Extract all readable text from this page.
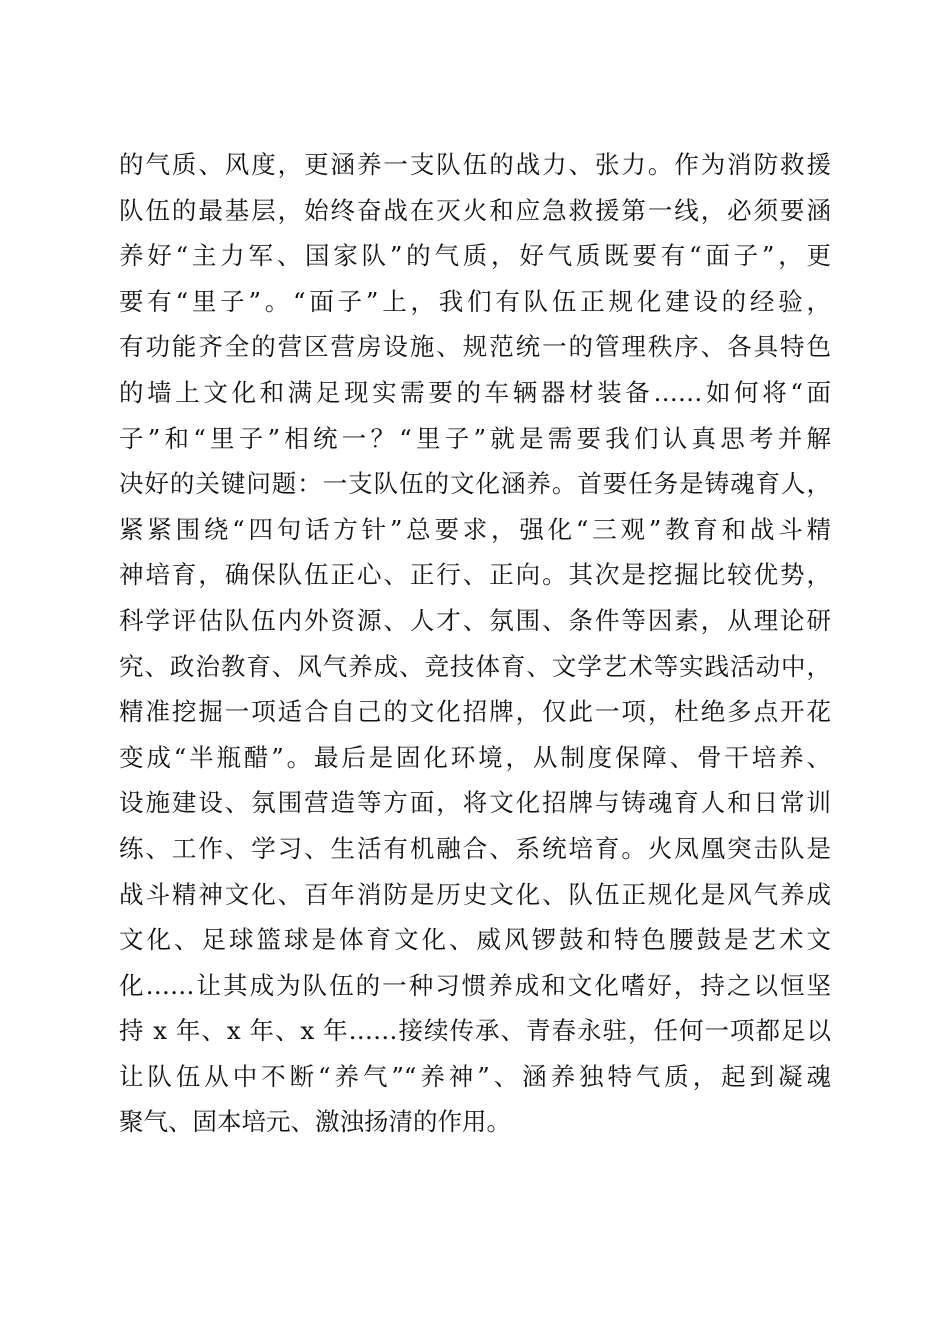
的气质、风度，更涵养一支队伍的战力、张力。作为消防救援
队伍的最基层，始终奋战在灭火和应急救援第一线，必须要涵
养好“主力军、国家队”的气质，好气质既要有“面子”，更
要有“里子”。“面子”上，我们有队伍正规化建设的经验，
有功能齐全的营区营房设施、规范统一的管理秩序、各具特色
的墙上文化和满足现实需要的车辆器材装备……如何将“面
子”和“里子”相统一？“里子”就是需要我们认真思考并解
决好的关键问题：一支队伍的文化涵养。首要任务是铸魂育人，
紧紧围绕“四句话方针”总要求，强化“三观”教育和战斗精
神培育，确保队伍正心、正行、正向。其次是挖掘比较优势，
科学评估队伍内外资源、人才、氛围、条件等因素，从理论研
究、政治教育、风气养成、竞技体育、文学艺术等实践活动中，
精准挖掘一项适合自己的文化招牌，仅此一项，杜绝多点开花
变成“半瓶醋”。最后是固化环境，从制度保障、骨干培养、
设施建设、氛围营造等方面，将文化招牌与铸魂育人和日常训
练、工作、学习、生活有机融合、系统培育。火凤凰突击队是
战斗精神文化、百年消防是历史文化、队伍正规化是风气养成
文化、足球篮球是体育文化、威风锣鼓和特色腰鼓是艺术文
化……让其成为队伍的一种习惯养成和文化嗜好，持之以恒坚
持 x 年、x 年、x 年……接续传承、青春永驻，任何一项都足以
让队伍从中不断“养气”“养神”、涵养独特气质，起到凝魂
聚气、固本培元、激浊扬清的作用。
